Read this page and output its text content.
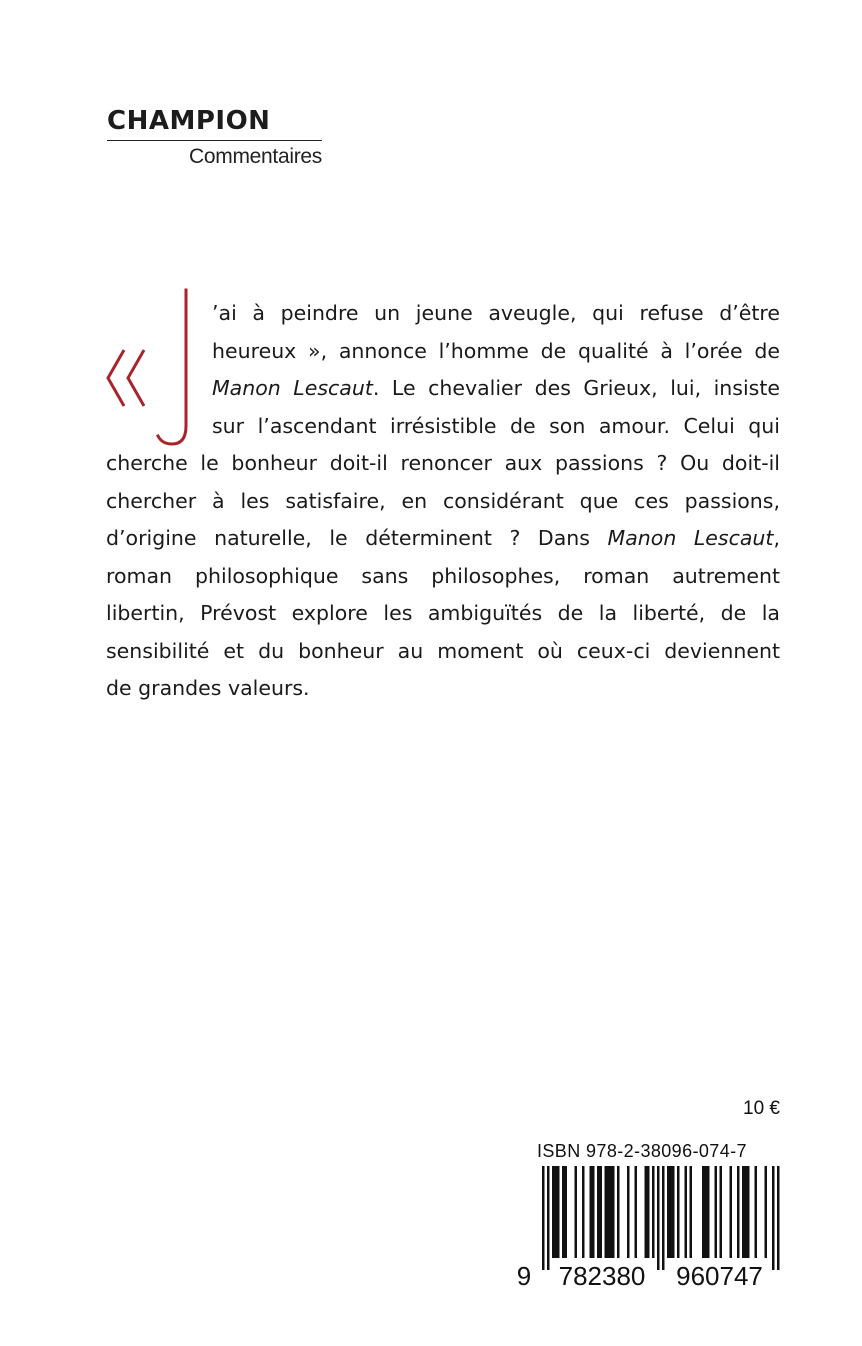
CHAMPION
Commentaires
’ai à peindre un jeune aveugle, qui refuse d’être
heureux », annonce l’homme de qualité à l’orée de
Manon Lescaut. Le chevalier des Grieux, lui, insiste
sur l’ascendant irrésistible de son amour. Celui qui
cherche le bonheur doit-il renoncer aux passions ? Ou doit-il
chercher à les satisfaire, en considérant que ces passions,
d’origine naturelle, le déterminent ? Dans Manon Lescaut,
roman philosophique sans philosophes, roman autrement
libertin, Prévost explore les ambiguïtés de la liberté, de la
sensibilité et du bonheur au moment où ceux-ci deviennent
de grandes valeurs.
10 €
ISBN 978-2-38096-074-7
9 782380 960747
